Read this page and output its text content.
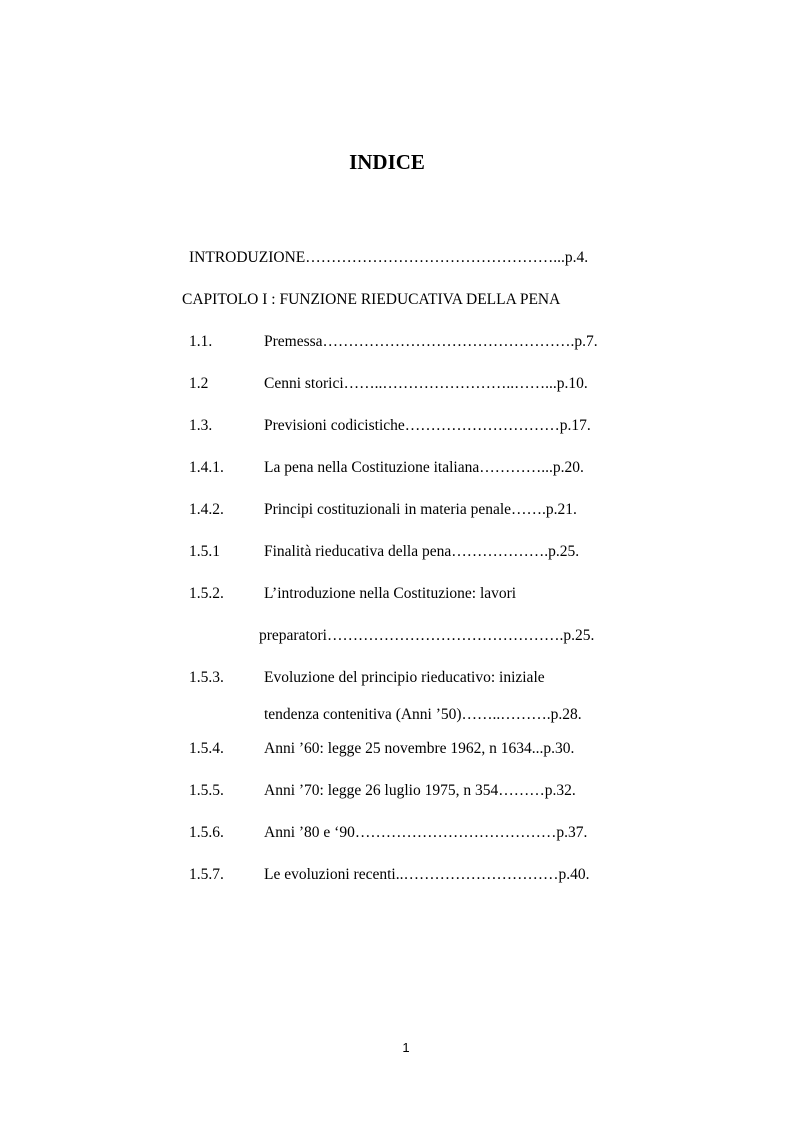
INDICE
INTRODUZIONE…………………………………………...p.4.
CAPITOLO I : FUNZIONE RIEDUCATIVA DELLA PENA
1.1.	Premessa………………………………………….p.7.
1.2	Cenni storici……..……………………..……...p.10.
1.3.	Previsioni codicistiche…………………………p.17.
1.4.1.	La pena nella Costituzione italiana…………...p.20.
1.4.2.	Principi costituzionali in materia penale…….p.21.
1.5.1	Finalità rieducativa della pena……………….p.25.
1.5.2.	L’introduzione nella Costituzione: lavori
preparatori……………………………………….p.25.
1.5.3.	Evoluzione del principio rieducativo: iniziale
tendenza contenitiva (Anni ’50)……..……….p.28.
1.5.4.	Anni ’60: legge 25 novembre 1962, n 1634...p.30.
1.5.5.	Anni ’70: legge 26 luglio 1975, n 354………p.32.
1.5.6.	Anni ’80 e ‘90…………………………………p.37.
1.5.7.	Le evoluzioni recenti..…………………………p.40.
1
